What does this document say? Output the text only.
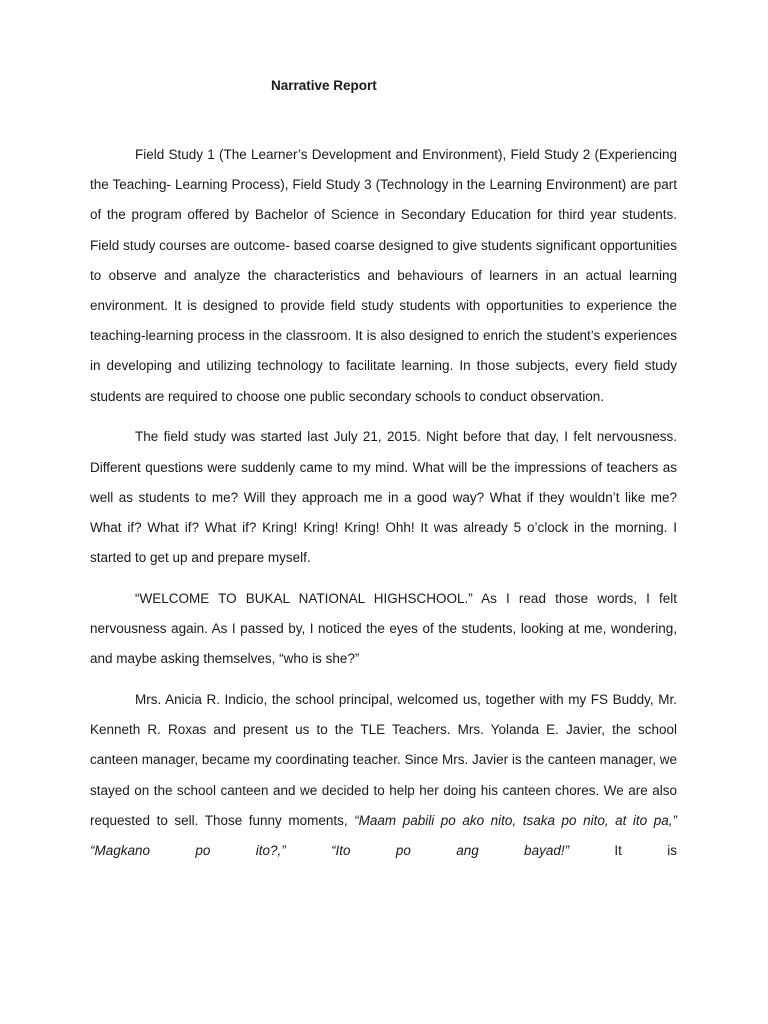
Narrative Report

Field Study 1 (The Learner’s Development and Environment), Field Study 2 (Experiencing the Teaching- Learning Process), Field Study 3 (Technology in the Learning Environment) are part of the program offered by Bachelor of Science in Secondary Education for third year students. Field study courses are outcome- based coarse designed to give students significant opportunities to observe and analyze the characteristics and behaviours of learners in an actual learning environment. It is designed to provide field study students with opportunities to experience the teaching-learning process in the classroom. It is also designed to enrich the student’s experiences in developing and utilizing technology to facilitate learning. In those subjects, every field study students are required to choose one public secondary schools to conduct observation.

The field study was started last July 21, 2015. Night before that day, I felt nervousness. Different questions were suddenly came to my mind. What will be the impressions of teachers as well as students to me? Will they approach me in a good way? What if they wouldn’t like me? What if? What if? What if? Kring! Kring! Kring! Ohh! It was already 5 o’clock in the morning. I started to get up and prepare myself.

“WELCOME TO BUKAL NATIONAL HIGHSCHOOL.” As I read those words, I felt nervousness again. As I passed by, I noticed the eyes of the students, looking at me, wondering, and maybe asking themselves, “who is she?”

Mrs. Anicia R. Indicio, the school principal, welcomed us, together with my FS Buddy, Mr. Kenneth R. Roxas and present us to the TLE Teachers. Mrs. Yolanda E. Javier, the school canteen manager, became my coordinating teacher. Since Mrs. Javier is the canteen manager, we stayed on the school canteen and we decided to help her doing his canteen chores. We are also requested to sell. Those funny moments, “Maam pabili po ako nito, tsaka po nito, at ito pa,” “Magkano po ito?,” “Ito po ang bayad!” It is
